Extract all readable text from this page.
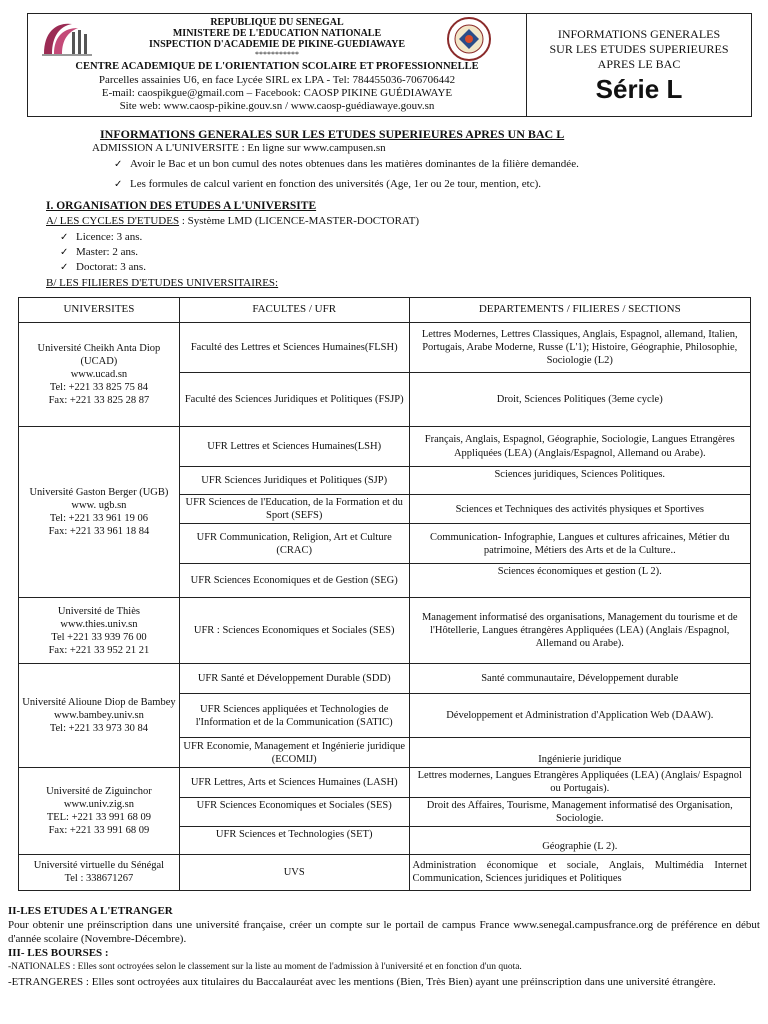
REPUBLIQUE DU SENEGAL
MINISTERE DE L'EDUCATION NATIONALE
INSPECTION D'ACADEMIE DE PIKINE-GUEDIAWAYE
***********
CENTRE ACADEMIQUE DE L'ORIENTATION SCOLAIRE ET PROFESSIONNELLE
Parcelles assainies U6, en face Lycée SIRL ex LPA - Tel: 784455036-706706442
E-mail: caospikgue@gmail.com – Facebook: CAOSP PIKINE GUÉDIAWAYE
Site web: www.caosp-pikine.gouv.sn / www.caosp-guédiawaye.gouv.sn
INFORMATIONS GENERALES
SUR LES ETUDES SUPERIEURES
APRES LE BAC
Série L
INFORMATIONS GENERALES SUR LES ETUDES SUPERIEURES APRES UN BAC L
ADMISSION A L'UNIVERSITE : En ligne sur www.campusen.sn
✓ Avoir le Bac et un bon cumul des notes obtenues dans les matières dominantes de la filière demandée.
✓ Les formules de calcul varient en fonction des universités (Age, 1er ou 2e tour, mention, etc).
I. ORGANISATION DES ETUDES A L'UNIVERSITE
A/ LES CYCLES D'ETUDES : Système LMD (LICENCE-MASTER-DOCTORAT)
✓ Licence: 3 ans.
✓ Master: 2 ans.
✓ Doctorat: 3 ans.
B/ LES FILIERES D'ETUDES UNIVERSITAIRES:
UNIVERSITES	FACULTES / UFR	DEPARTEMENTS / FILIERES / SECTIONS
Université Cheikh Anta Diop (UCAD)
www.ucad.sn
Tel: +221 33 825 75 84
Fax: +221 33 825 28 87	Faculté des Lettres et Sciences Humaines(FLSH)	Lettres Modernes, Lettres Classiques, Anglais, Espagnol, allemand, Italien, Portugais, Arabe Moderne, Russe (L'1); Histoire, Géographie, Philosophie, Sociologie (L2)
	Faculté des Sciences Juridiques et Politiques (FSJP)	Droit, Sciences Politiques (3eme cycle)
Université Gaston Berger (UGB)
www. ugb.sn
Tel: +221 33 961 19 06
Fax: +221 33 961 18 84	UFR Lettres et Sciences Humaines(LSH)	Français, Anglais, Espagnol, Géographie, Sociologie, Langues Etrangères Appliquées (LEA) (Anglais/Espagnol, Allemand ou Arabe).
	UFR Sciences Juridiques et Politiques (SJP)	Sciences juridiques, Sciences Politiques.
	UFR Sciences de l'Education, de la Formation et du Sport (SEFS)	Sciences et Techniques des activités physiques et Sportives
	UFR Communication, Religion, Art et Culture (CRAC)	Communication- Infographie, Langues et cultures africaines, Métier du patrimoine, Métiers des Arts et de la Culture..
	UFR Sciences Economiques et de Gestion (SEG)	Sciences économiques et gestion (L 2).
Université de Thiès
www.thies.univ.sn
Tel +221 33 939 76 00
Fax: +221 33 952 21 21	UFR : Sciences Economiques et Sociales (SES)	Management informatisé des organisations, Management du tourisme et de l'Hôtellerie, Langues étrangères Appliquées (LEA) (Anglais /Espagnol, Allemand ou Arabe).
Université Alioune Diop de Bambey
www.bambey.univ.sn
Tel: +221 33 973 30 84	UFR Santé et Développement Durable (SDD)	Santé communautaire, Développement durable
	UFR Sciences appliquées et Technologies de l'Information et de la Communication (SATIC)	Développement et Administration d'Application Web (DAAW).
	UFR Economie, Management et Ingénierie juridique (ECOMIJ)	Ingénierie juridique
Université de Ziguinchor
www.univ.zig.sn
TEL: +221 33 991 68 09
Fax: +221 33 991 68 09	UFR Lettres, Arts et Sciences Humaines (LASH)	Lettres modernes, Langues Etrangères Appliquées (LEA) (Anglais/ Espagnol ou Portugais).
	UFR Sciences Economiques et Sociales (SES)	Droit des Affaires, Tourisme, Management informatisé des Organisation, Sociologie.
	UFR Sciences et Technologies (SET)	Géographie (L 2).
Université virtuelle du Sénégal
Tel : 338671267	UVS	Administration économique et sociale, Anglais, Multimédia Internet Communication, Sciences juridiques et Politiques
II-LES ETUDES A L'ETRANGER
Pour obtenir une préinscription dans une université française, créer un compte sur le portail de campus France www.senegal.campusfrance.org de préférence en début d'année scolaire (Novembre-Décembre).
III- LES BOURSES :
-NATIONALES : Elles sont octroyées selon le classement sur la liste au moment de l'admission à l'université et en fonction d'un quota.
-ETRANGERES : Elles sont octroyées aux titulaires du Baccalauréat avec les mentions (Bien, Très Bien) ayant une préinscription dans une université étrangère.
